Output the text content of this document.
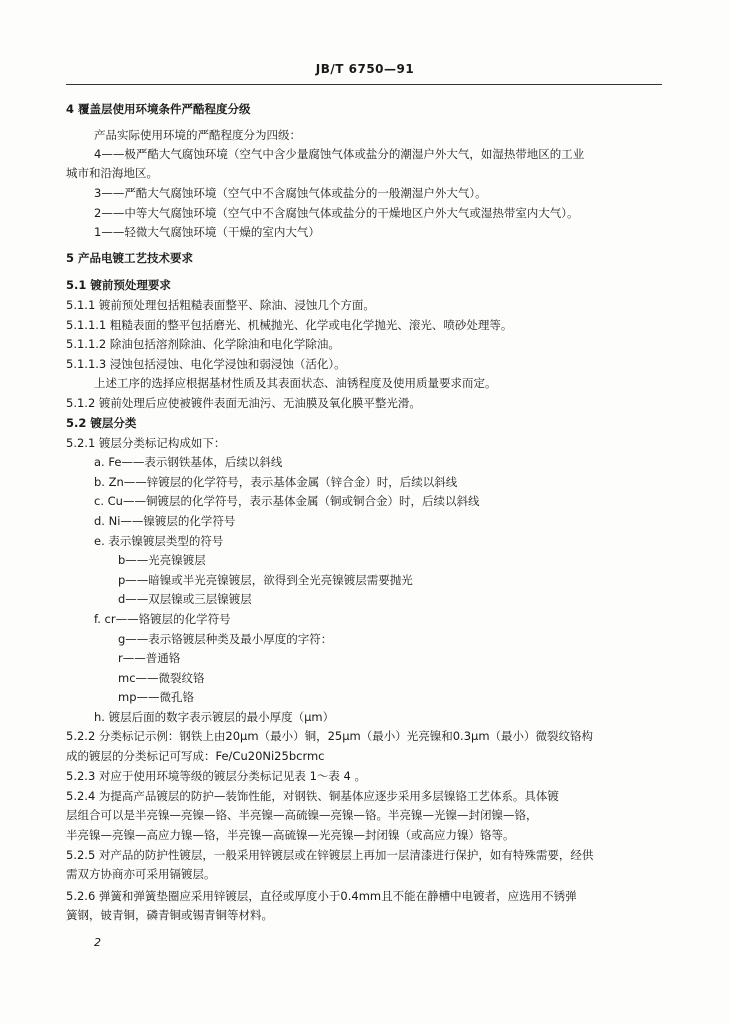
JB/T 6750—91
4 覆盖层使用环境条件严酷程度分级
产品实际使用环境的严酷程度分为四级：
4——极严酷大气腐蚀环境（空气中含少量腐蚀气体或盐分的潮湿户外大气，如湿热带地区的工业
城市和沿海地区。
3——严酷大气腐蚀环境（空气中不含腐蚀气体或盐分的一般潮湿户外大气）。
2——中等大气腐蚀环境（空气中不含腐蚀气体或盐分的干燥地区户外大气或湿热带室内大气）。
1——轻微大气腐蚀环境（干燥的室内大气）
5 产品电镀工艺技术要求
5.1 镀前预处理要求
5.1.1 镀前预处理包括粗糙表面整平、除油、浸蚀几个方面。
5.1.1.1 粗糙表面的整平包括磨光、机械抛光、化学或电化学抛光、滚光、喷砂处理等。
5.1.1.2 除油包括溶剂除油、化学除油和电化学除油。
5.1.1.3 浸蚀包括浸蚀、电化学浸蚀和弱浸蚀（活化）。
上述工序的选择应根据基材性质及其表面状态、油锈程度及使用质量要求而定。
5.1.2 镀前处理后应使被镀件表面无油污、无油膜及氧化膜平整光滑。
5.2 镀层分类
5.2.1 镀层分类标记构成如下：
a. Fe——表示钢铁基体，后续以斜线
b. Zn——锌镀层的化学符号，表示基体金属（锌合金）时，后续以斜线
c. Cu——铜镀层的化学符号，表示基体金属（铜或铜合金）时，后续以斜线
d. Ni——镍镀层的化学符号
e. 表示镍镀层类型的符号
b——光亮镍镀层
p——暗镍或半光亮镍镀层，欲得到全光亮镍镀层需要抛光
d——双层镍或三层镍镀层
f. cr——铬镀层的化学符号
g——表示铬镀层种类及最小厚度的字符：
r——普通铬
mc——微裂纹铬
mp——微孔铬
h. 镀层后面的数字表示镀层的最小厚度（μm）
5.2.2 分类标记示例：钢铁上由20μm（最小）铜，25μm（最小）光亮镍和0.3μm（最小）微裂纹铬构
成的镀层的分类标记可写成：Fe/Cu20Ni25bcrmc
5.2.3 对应于使用环境等级的镀层分类标记见表 1～表 4 。
5.2.4 为提高产品镀层的防护—装饰性能，对钢铁、铜基体应逐步采用多层镍铬工艺体系。具体镀
层组合可以是半亮镍—亮镍—铬、半亮镍—高硫镍—亮镍—铬。半亮镍—光镍—封闭镍—铬，
半亮镍—亮镍—高应力镍—铬，半亮镍—高硫镍—光亮镍—封闭镍（或高应力镍）铬等。
5.2.5 对产品的防护性镀层，一般采用锌镀层或在锌镀层上再加一层清漆进行保护，如有特殊需要，经供
需双方协商亦可采用镉镀层。
5.2.6 弹簧和弹簧垫圈应采用锌镀层，直径或厚度小于0.4mm且不能在静槽中电镀者，应选用不锈弹
簧钢，铍青铜，磷青铜或锡青铜等材料。
2
